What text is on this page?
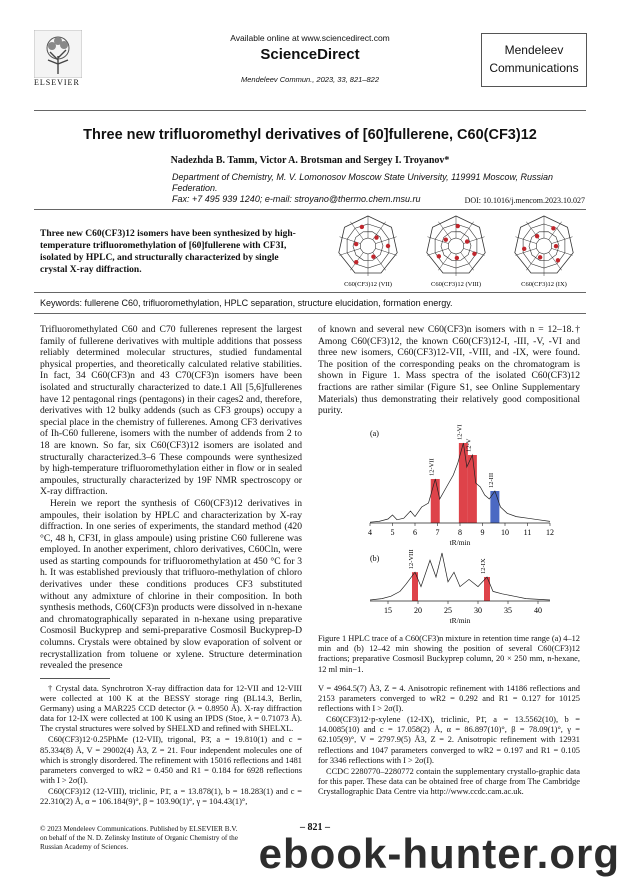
ELSEVIER
Available online at www.sciencedirect.com
ScienceDirect
Mendeleev Commun., 2023, 33, 821–822
Mendeleev
Communications
Three new trifluoromethyl derivatives of [60]fullerene, C60(CF3)12
Nadezhda B. Tamm, Victor A. Brotsman and Sergey I. Troyanov*
Department of Chemistry, M. V. Lomonosov Moscow State University, 119991 Moscow, Russian Federation.
Fax: +7 495 939 1240; e-mail: stroyano@thermo.chem.msu.ru	DOI: 10.1016/j.mencom.2023.10.027
Three new C60(CF3)12 isomers have been synthesized by high-temperature trifluoromethylation of [60]fullerene with CF3I, isolated by HPLC, and structurally characterized by single crystal X-ray diffraction.
C60(CF3)12 (VII)	C60(CF3)12 (VIII)	C60(CF3)12 (IX)
Keywords: fullerene C60, trifluoromethylation, HPLC separation, structure elucidation, formation energy.

Trifluoromethylated C60 and C70 fullerenes represent the largest family of fullerene derivatives with multiple additions that possess reliably determined molecular structures, studied fundamental physical properties, and theoretically calculated relative stabilities. In fact, 34 C60(CF3)n and 43 C70(CF3)n isomers have been isolated and structurally characterized to date.1 All [5,6]fullerenes have 12 pentagonal rings (pentagons) in their cages2 and, therefore, derivatives with 12 bulky addends (such as CF3 groups) occupy a special place in the chemistry of fullerenes. Among CF3 derivatives of Ih-C60 fullerene, isomers with the number of addends from 2 to 18 are known. So far, six C60(CF3)12 isomers are isolated and structurally characterized.3–6 These compounds were synthesized by high-temperature trifluoromethylation either in flow or in sealed ampoules, structurally characterized by 19F NMR spectroscopy or X-ray diffraction.

Herein we report the synthesis of C60(CF3)12 derivatives in ampoules, their isolation by HPLC and characterization by X-ray diffraction. In one series of experiments, the standard method (420 °C, 48 h, CF3I, in glass ampoule) using pristine C60 fullerene was employed. In another experiment, chloro derivatives, C60Cln, were used as starting compounds for trifluoromethylation at 450 °C for 3 h. It was established previously that trifluoro-methylation of chloro derivatives under these conditions produces CF3 substituted without any admixture of chlorine in their composition. In both synthesis methods, C60(CF3)n products were dissolved in n-hexane and chromatographically separated in n-hexane using preparative Cosmosil Buckyprep and semi-preparative Cosmosil Buckyprep-D columns. Crystals were obtained by slow evaporation of solvent or recrystallization from toluene or xylene. Structure determination revealed the presence

of known and several new C60(CF3)n isomers with n = 12–18.† Among C60(CF3)12, the known C60(CF3)12-I, -III, -V, -VI and three new isomers, C60(CF3)12-VII, -VIII, and -IX, were found. The position of the corresponding peaks on the chromatogram is shown in Figure 1. Mass spectra of the isolated C60(CF3)12 fractions are rather similar (Figure S1, see Online Supplementary Materials) thus demonstrating their relatively good compositional purity.

(a)
12-VII
12-VI
12-V
12-III
4 5 6 7 8 9 10 11 12
tR/min
(b)	12-VIII	12-IX
15	20	25	30	35	40
tR/min
Figure 1 HPLC trace of a C60(CF3)n mixture in retention time range (a) 4–12 min and (b) 12–42 min showing the position of several C60(CF3)12 fractions; preparative Cosmosil Buckyprep column, 20 × 250 mm, n-hexane, 12 ml min−1.

† Crystal data. Synchrotron X-ray diffraction data for 12-VII and 12-VIII were collected at 100 K at the BESSY storage ring (BL14.3, Berlin, Germany) using a MAR225 CCD detector (λ = 0.8950 Å). X-ray diffraction data for 12-IX were collected at 100 K using an IPDS (Stoe, λ = 0.71073 Å). The crystal structures were solved by SHELXD and refined with SHELXL.

C60(CF3)12·0.25PhMe (12-VII), trigonal, P3̄, a = 19.810(1) and c = 85.334(8) Å, V = 29002(4) Å3, Z = 21. Four independent molecules one of which is strongly disordered. The refinement with 15016 reflections and 1481 parameters converged to wR2 = 0.450 and R1 = 0.184 for 6928 reflections with I > 2σ(I).

C60(CF3)12 (12-VIII), triclinic, P1̄, a = 13.878(1), b = 18.283(1) and c = 22.310(2) Å, α = 106.184(9)°, β = 103.90(1)°, γ = 104.43(1)°,

V = 4964.5(7) Å3, Z = 4. Anisotropic refinement with 14186 reflections and 2153 parameters converged to wR2 = 0.292 and R1 = 0.127 for 10125 reflections with I > 2σ(I).

C60(CF3)12·p-xylene (12-IX), triclinic, P1̄, a = 13.5562(10), b = 14.0085(10) and c = 17.058(2) Å, α = 86.897(10)°, β = 78.09(1)°, γ = 62.105(9)°, V = 2797.9(5) Å3, Z = 2. Anisotropic refinement with 12931 reflections and 1047 parameters converged to wR2 = 0.197 and R1 = 0.105 for 3346 reflections with I > 2σ(I).

CCDC 2280770–2280772 contain the supplementary crystallo-graphic data for this paper. These data can be obtained free of charge from The Cambridge Crystallographic Data Centre via http://www.ccdc.cam.ac.uk.

© 2023 Mendeleev Communications. Published by ELSEVIER B.V.
on behalf of the N. D. Zelinsky Institute of Organic Chemistry of the
Russian Academy of Sciences.
– 821 –
ebook-hunter.org
